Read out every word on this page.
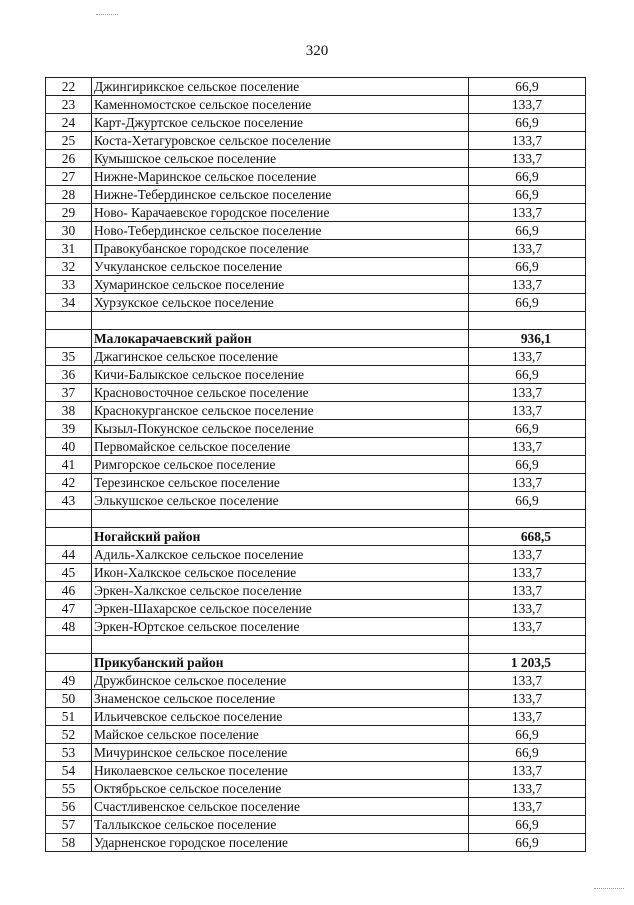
320
22	Джингирикское сельское поселение	66,9
23	Каменномостское сельское поселение	133,7
24	Карт-Джуртское сельское поселение	66,9
25	Коста-Хетагуровское сельское поселение	133,7
26	Кумышское сельское поселение	133,7
27	Нижне-Маринское сельское поселение	66,9
28	Нижне-Тебердинское сельское поселение	66,9
29	Ново- Карачаевское городское поселение	133,7
30	Ново-Тебердинское сельское поселение	66,9
31	Правокубанское городское поселение	133,7
32	Учкуланское сельское поселение	66,9
33	Хумаринское сельское поселение	133,7
34	Хурзукское сельское поселение	66,9

	Малокарачаевский район	936,1
35	Джагинское сельское поселение	133,7
36	Кичи-Балыкское сельское поселение	66,9
37	Красновосточное сельское поселение	133,7
38	Краснокурганское сельское поселение	133,7
39	Кызыл-Покунское сельское поселение	66,9
40	Первомайское сельское поселение	133,7
41	Римгорское сельское поселение	66,9
42	Терезинское сельское поселение	133,7
43	Элькушское сельское поселение	66,9

	Ногайский район	668,5
44	Адиль-Халкское сельское поселение	133,7
45	Икон-Халкское сельское поселение	133,7
46	Эркен-Халкское сельское поселение	133,7
47	Эркен-Шахарское сельское поселение	133,7
48	Эркен-Юртское сельское поселение	133,7

	Прикубанский район	1 203,5
49	Дружбинское сельское поселение	133,7
50	Знаменское сельское поселение	133,7
51	Ильичевское сельское поселение	133,7
52	Майское сельское поселение	66,9
53	Мичуринское сельское поселение	66,9
54	Николаевское сельское поселение	133,7
55	Октябрьское сельское поселение	133,7
56	Счастливенское сельское поселение	133,7
57	Таллыкское сельское поселение	66,9
58	Ударненское городское поселение	66,9
